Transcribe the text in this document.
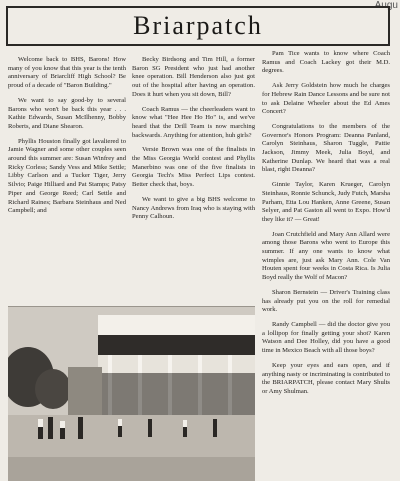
Augu
Briarpatch

Welcome back to BHS, Barons! How many of you know that this year is the tenth anniversary of Briarcliff High School? Be proud of a decade of "Baron Building."

We want to say good-by to several Barons who won't be back this year . . . Kathie Edwards, Susan McIlhenny, Bobby Roberts, and Diane Shearon.

Phyllis Houston finally got lavaliered to Jamie Wagner and some other couples seen around this summer are: Susan Winfrey and Ricky Corless; Sandy Vess and Mike Settle; Libby Carlson and a Tucker Tiger, Jerry Silvio; Paige Hilliard and Pat Stamps; Patsy Piper and George Reed; Carl Settle and Richard Raines; Barbara Steinhaus and Ned Campbell; and

Becky Birdsong and Tim Hill, a former Baron SG President who just had another knee operation. Bill Henderson also just got out of the hospital after having an operation. Does it hurt when you sit down, Bill?

Coach Ramus — the cheerleaders want to know what "Hee Hee Ho Ho" is, and we've heard that the Drill Team is now marching backwards. Anything for attention, huh girls?

Versie Brown was one of the finalists in the Miss Georgia World contest and Phyllis Manerbino was one of the five finalists in Georgia Tech's Miss Perfect Lips contest. Better check that, boys.

We want to give a big BHS welcome to Nancy Andrews from Iraq who is staying with Penny Calhoun.

Pam Tice wants to know where Coach Ramus and Coach Lackey got their M.D. degrees.

Ask Jerry Goldstein how much he charges for Hebrew Rain Dance Lessons and be sure not to ask Delaine Wheeler about the Ed Ames Concert?

Congratulations to the members of the Governor's Honors Program: Deanna Panland, Carolyn Steinhaus, Sharon Tuggle, Pattie Jackson, Jimmy Meek, Julia Boyd, and Katherine Dunlap. We heard that was a real blast, right Deanna?

Ginnie Taylor, Karen Krueger, Carolyn Steinhaus, Ronnie Schunck, Judy Futch, Marsha Parham, Etta Lou Hanken, Anne Greene, Susan Selyer, and Pat Gaston all went to Expo. How'd they like it? — Great!

Joan Crutchfield and Mary Ann Allard were among those Barons who went to Europe this summer. If any one wants to know what wimples are, just ask Mary Ann. Cole Van Houten spent four weeks in Costa Rica. Is Julia Boyd really the Wolf of Macon?

Sharon Bernstein — Driver's Training class has already put you on the roll for remedial work.

Randy Campbell — did the doctor give you a lollipop for finally getting your shot? Karen Watson and Dee Holley, did you have a good time in Mexico Beach with all those boys?

Keep your eyes and ears open, and if anything nasty or incriminating is contributed to the BRIARPATCH, please contact Mary Shults or Amy Shulman.
